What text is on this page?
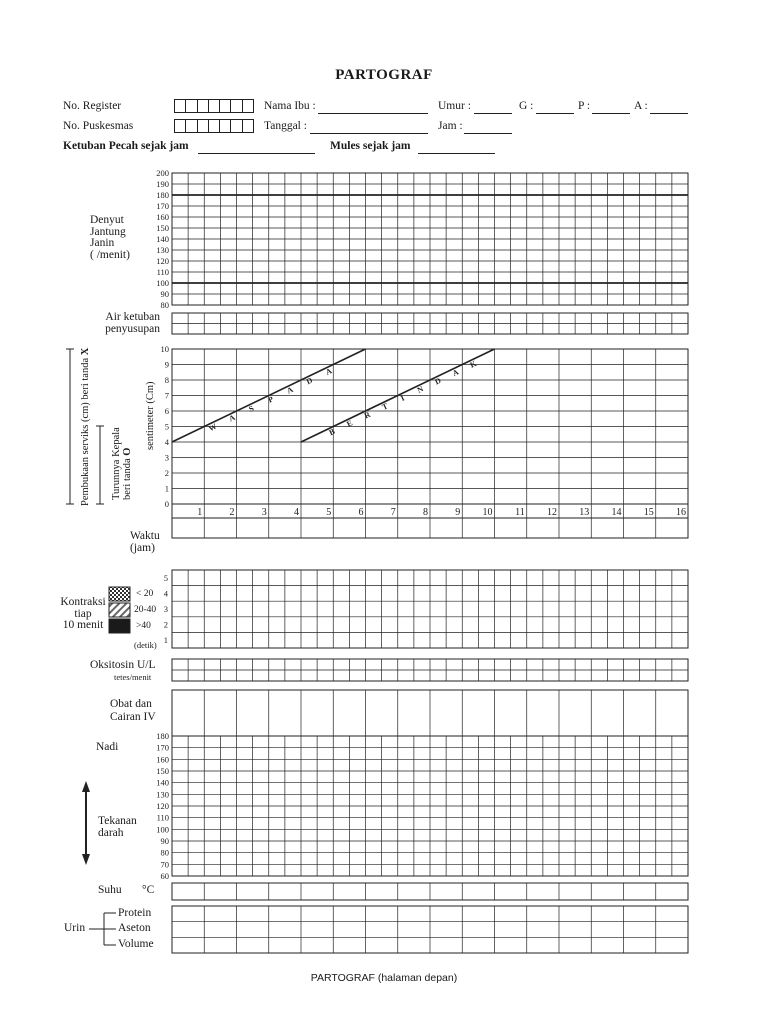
PARTOGRAF
No. Register
No. Puskesmas
Nama Ibu :
Tanggal :
Umur :
Jam :
G :	P :	A :
Ketuban Pecah sejak jam	Mules sejak jam
Denyut
Jantung
Janin
( /menit)
Air ketuban
penyusupan
Pembukaan serviks (cm) beri tanda X
Turunnya Kepala beri tanda O
sentimeter (Cm)
Waktu
(jam)
Kontraksi
tiap
10 menit
< 20
20-40
>40
(detik)
Oksitosin U/L
tetes/menit
Obat dan
Cairan IV
Nadi
Tekanan
darah
Suhu °C
Urin
Protein
Aseton
Volume
PARTOGRAF (halaman depan)
200
190
180
170
160
150
140
130
120
110
100
90
80
10
9
8
7
6
5
4
3
2
1
0
1	2	3	4	5	6	7	8	9 10 11 12 13 14 15 16
W
A
S
P
A
D
A
B
E
R
T
I
N
D
A
K
5
4
3
2
1
180
170
160
150
140
130
120
110
100
90
80
70
60
